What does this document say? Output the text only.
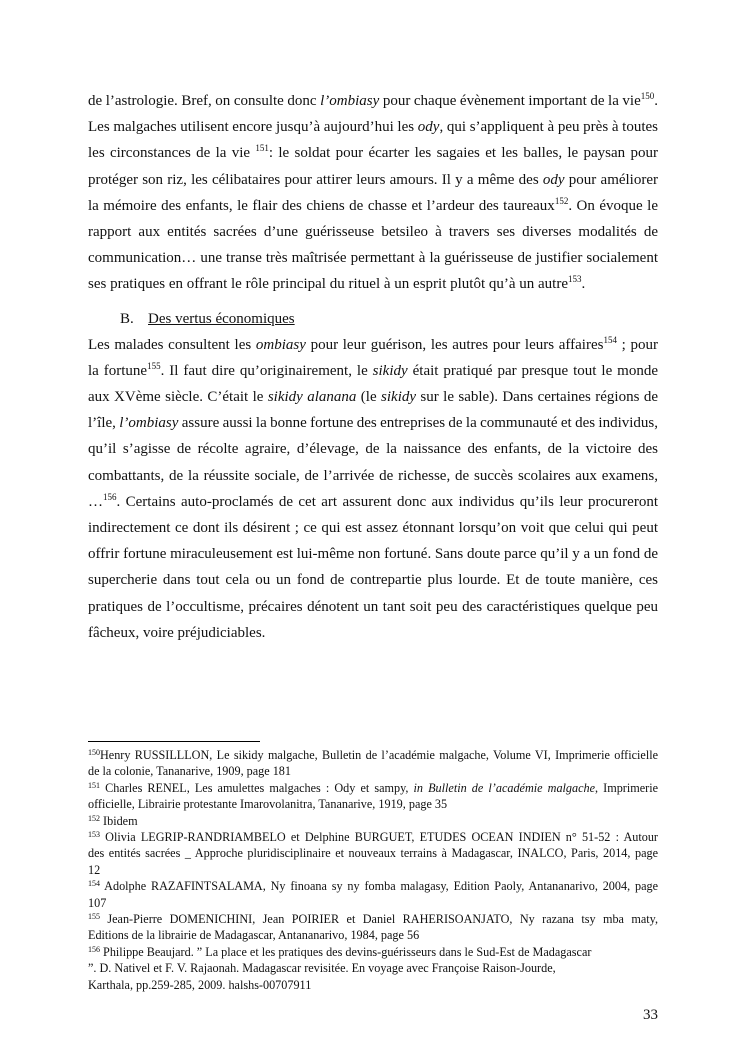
de l’astrologie. Bref, on consulte donc l’ombiasy pour chaque évènement important de la vie$^{150}$.
Les malgaches utilisent encore jusqu’à aujourd’hui les ody, qui s’appliquent à peu près à toutes
les circonstances de la vie $^{151}$: le soldat pour écarter les sagaies et les balles, le paysan pour
protéger son riz, les célibataires pour attirer leurs amours. Il y a même des ody pour améliorer
la mémoire des enfants, le flair des chiens de chasse et l’ardeur des taureaux$^{152}$. On évoque le
rapport aux entités sacrées d’une guérisseuse betsileo à travers ses diverses modalités de
communication… une transe très maîtrisée permettant à la guérisseuse de justifier socialement
ses pratiques en offrant le rôle principal du rituel à un esprit plutôt qu’à un autre$^{153}$.
B. Des vertus économiques
Les malades consultent les ombiasy pour leur guérison, les autres pour leurs affaires$^{154}$ ; pour
la fortune$^{155}$. Il faut dire qu’originairement, le sikidy était pratiqué par presque tout le monde
aux XVème siècle. C’était le sikidy alanana (le sikidy sur le sable). Dans certaines régions de
l’île, l’ombiasy assure aussi la bonne fortune des entreprises de la communauté et des individus,
qu’il s’agisse de récolte agraire, d’élevage, de la naissance des enfants, de la victoire des
combattants, de la réussite sociale, de l’arrivée de richesse, de succès scolaires aux examens,
…$^{156}$. Certains auto-proclamés de cet art assurent donc aux individus qu’ils leur procureront
indirectement ce dont ils désirent ; ce qui est assez étonnant lorsqu’on voit que celui qui peut
offrir fortune miraculeusement est lui-même non fortuné. Sans doute parce qu’il y a un fond de
supercherie dans tout cela ou un fond de contrepartie plus lourde. Et de toute manière, ces
pratiques de l’occultisme, précaires dénotent un tant soit peu des caractéristiques quelque peu
fâcheux, voire préjudiciables.
$^{150}$Henry RUSSILLLON, Le sikidy malgache, Bulletin de l’académie malgache, Volume VI, Imprimerie officielle
de la colonie, Tananarive, 1909, page 181
$^{151}$ Charles RENEL, Les amulettes malgaches : Ody et sampy, in Bulletin de l’académie malgache, Imprimerie
officielle, Librairie protestante Imarovolanitra, Tananarive, 1919, page 35
$^{152}$ Ibidem
$^{153}$ Olivia LEGRIP-RANDRIAMBELO et Delphine BURGUET, ETUDES OCEAN INDIEN n° 51-52 : Autour
des entités sacrées _ Approche pluridisciplinaire et nouveaux terrains à Madagascar, INALCO, Paris, 2014, page
12
$^{154}$ Adolphe RAZAFINTSALAMA, Ny finoana sy ny fomba malagasy, Edition Paoly, Antananarivo, 2004, page
107
$^{155}$ Jean-Pierre DOMENICHINI, Jean POIRIER et Daniel RAHERISOANJATO, Ny razana tsy mba maty,
Editions de la librairie de Madagascar, Antananarivo, 1984, page 56
$^{156}$ Philippe Beaujard. ” La place et les pratiques des devins-guérisseurs dans le Sud-Est de Madagascar
”. D. Nativel et F. V. Rajaonah. Madagascar revisitée. En voyage avec Françoise Raison-Jourde,
Karthala, pp.259-285, 2009. halshs-00707911
33
